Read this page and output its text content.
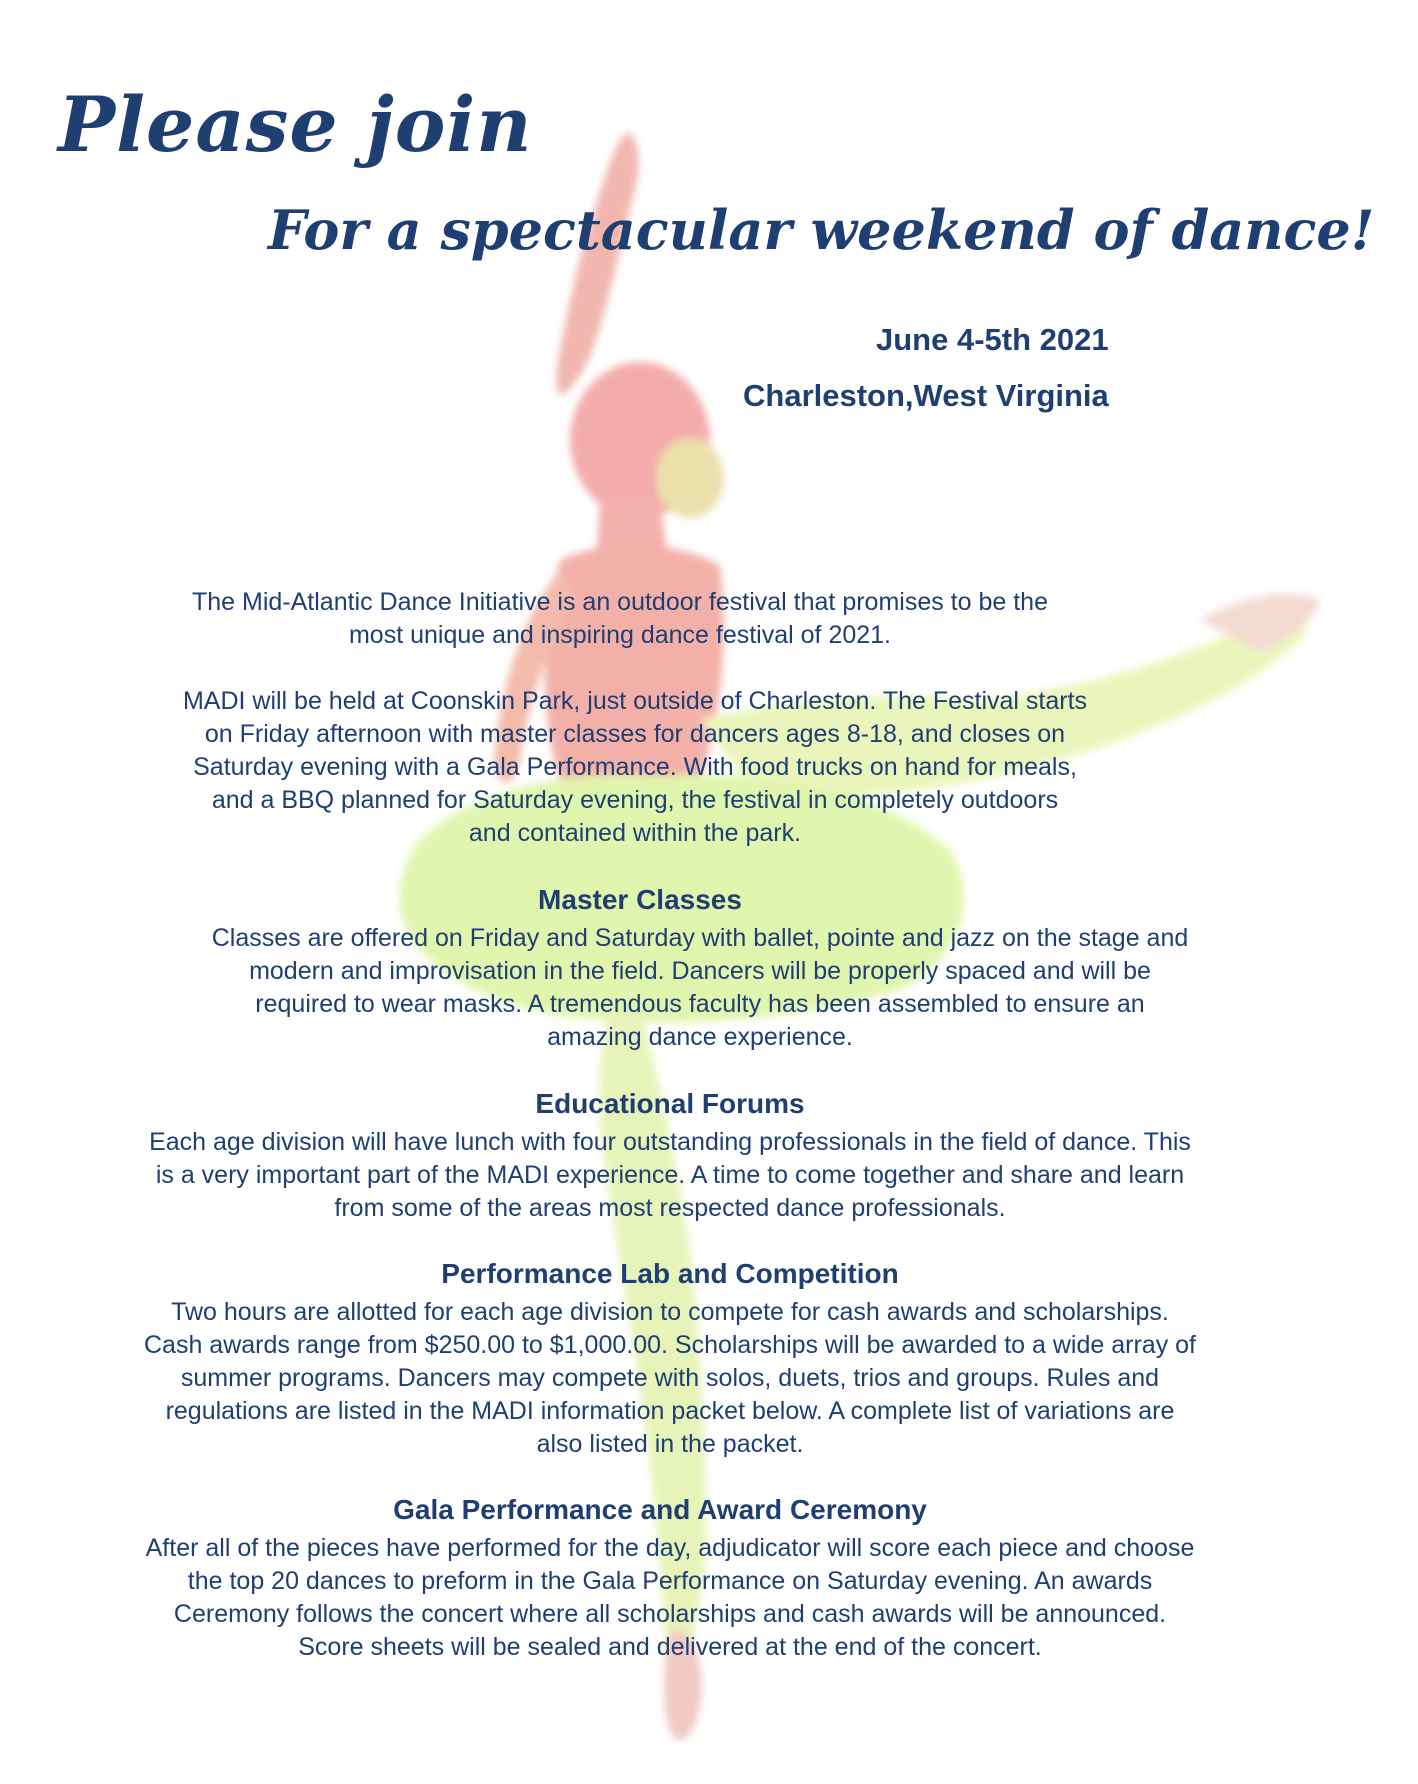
Please join
For a spectacular weekend of dance!
June 4-5th 2021
Charleston,West Virginia
The Mid-Atlantic Dance Initiative is an outdoor festival that promises to be the
most unique and inspiring dance festival of 2021.
MADI will be held at Coonskin Park, just outside of Charleston. The Festival starts
on Friday afternoon with master classes for dancers ages 8-18, and closes on
Saturday evening with a Gala Performance. With food trucks on hand for meals,
and a BBQ planned for Saturday evening, the festival in completely outdoors
and contained within the park.
Master Classes
Classes are offered on Friday and Saturday with ballet, pointe and jazz on the stage and
modern and improvisation in the field. Dancers will be properly spaced and will be
required to wear masks. A tremendous faculty has been assembled to ensure an
amazing dance experience.
Educational Forums
Each age division will have lunch with four outstanding professionals in the field of dance. This
is a very important part of the MADI experience. A time to come together and share and learn
from some of the areas most respected dance professionals.
Performance Lab and Competition
Two hours are allotted for each age division to compete for cash awards and scholarships.
Cash awards range from $250.00 to $1,000.00. Scholarships will be awarded to a wide array of
summer programs. Dancers may compete with solos, duets, trios and groups. Rules and
regulations are listed in the MADI information packet below. A complete list of variations are
also listed in the packet.
Gala Performance and Award Ceremony
After all of the pieces have performed for the day, adjudicator will score each piece and choose
the top 20 dances to preform in the Gala Performance on Saturday evening. An awards
Ceremony follows the concert where all scholarships and cash awards will be announced.
Score sheets will be sealed and delivered at the end of the concert.
